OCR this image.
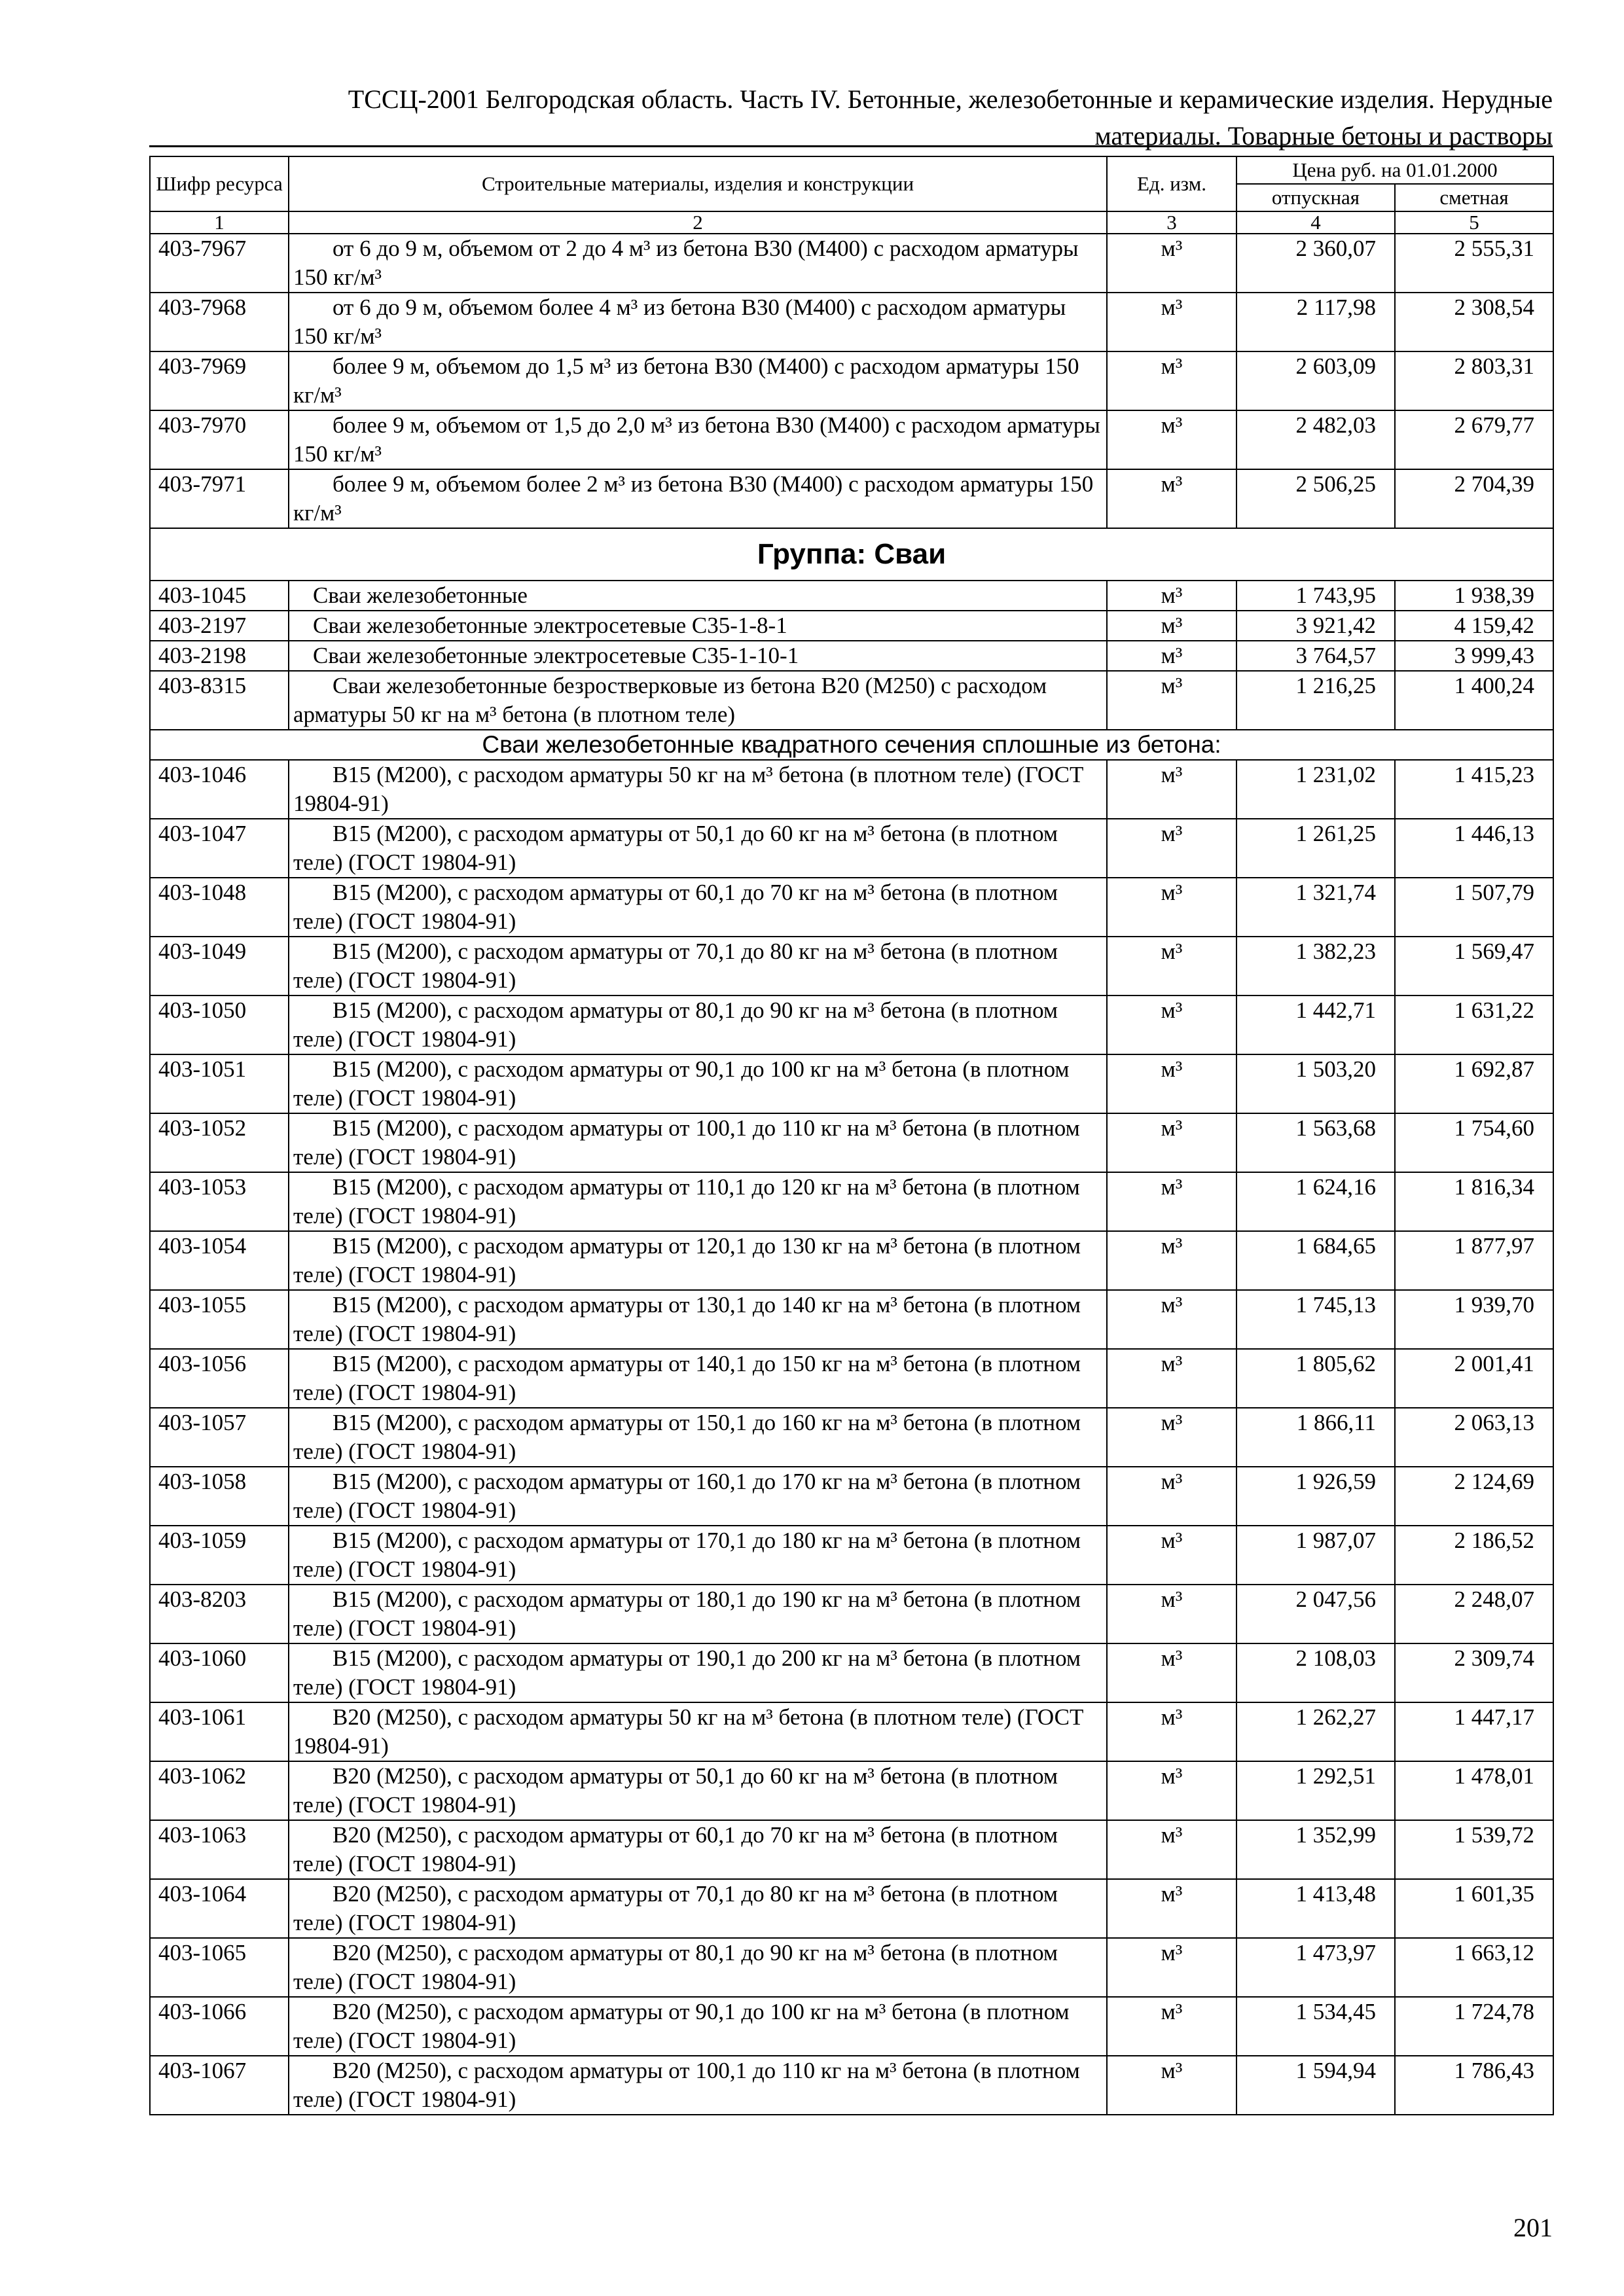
ТССЦ-2001 Белгородская область. Часть IV. Бетонные, железобетонные и керамические изделия. Нерудные
материалы. Товарные бетоны и растворы
Шифр ресурса	Строительные материалы, изделия и конструкции	Ед. изм.	Цена руб. на 01.01.2000	
			отпускная	сметная
1	2	3	4	5
403-7967	от 6 до 9 м, объемом от 2 до 4 м³ из бетона В30 (М400) с расходом арматуры 150 кг/м³	м³	2 360,07	2 555,31
403-7968	от 6 до 9 м, объемом более 4 м³ из бетона В30 (М400) с расходом арматуры 150 кг/м³	м³	2 117,98	2 308,54
403-7969	более 9 м, объемом до 1,5 м³ из бетона В30 (М400) с расходом арматуры 150 кг/м³	м³	2 603,09	2 803,31
403-7970	более 9 м, объемом от 1,5 до 2,0 м³ из бетона В30 (М400) с расходом арматуры 150 кг/м³	м³	2 482,03	2 679,77
403-7971	более 9 м, объемом более 2 м³ из бетона В30 (М400) с расходом арматуры 150 кг/м³	м³	2 506,25	2 704,39
Группа: Сваи				
403-1045	Сваи железобетонные	м³	1 743,95	1 938,39
403-2197	Сваи железобетонные электросетевые С35-1-8-1	м³	3 921,42	4 159,42
403-2198	Сваи железобетонные электросетевые С35-1-10-1	м³	3 764,57	3 999,43
403-8315	Сваи железобетонные безростверковые из бетона В20 (М250) с расходом арматуры 50 кг на м³ бетона (в плотном теле)	м³	1 216,25	1 400,24
Сваи железобетонные квадратного сечения сплошные из бетона:				
403-1046	В15 (М200), с расходом арматуры 50 кг на м³ бетона (в плотном теле) (ГОСТ 19804-91)	м³	1 231,02	1 415,23
403-1047	В15 (М200), с расходом арматуры от 50,1 до 60 кг на м³ бетона (в плотном теле) (ГОСТ 19804-91)	м³	1 261,25	1 446,13
403-1048	В15 (М200), с расходом арматуры от 60,1 до 70 кг на м³ бетона (в плотном теле) (ГОСТ 19804-91)	м³	1 321,74	1 507,79
403-1049	В15 (М200), с расходом арматуры от 70,1 до 80 кг на м³ бетона (в плотном теле) (ГОСТ 19804-91)	м³	1 382,23	1 569,47
403-1050	В15 (М200), с расходом арматуры от 80,1 до 90 кг на м³ бетона (в плотном теле) (ГОСТ 19804-91)	м³	1 442,71	1 631,22
403-1051	В15 (М200), с расходом арматуры от 90,1 до 100 кг на м³ бетона (в плотном теле) (ГОСТ 19804-91)	м³	1 503,20	1 692,87
403-1052	В15 (М200), с расходом арматуры от 100,1 до 110 кг на м³ бетона (в плотном теле) (ГОСТ 19804-91)	м³	1 563,68	1 754,60
403-1053	В15 (М200), с расходом арматуры от 110,1 до 120 кг на м³ бетона (в плотном теле) (ГОСТ 19804-91)	м³	1 624,16	1 816,34
403-1054	В15 (М200), с расходом арматуры от 120,1 до 130 кг на м³ бетона (в плотном теле) (ГОСТ 19804-91)	м³	1 684,65	1 877,97
403-1055	В15 (М200), с расходом арматуры от 130,1 до 140 кг на м³ бетона (в плотном теле) (ГОСТ 19804-91)	м³	1 745,13	1 939,70
403-1056	В15 (М200), с расходом арматуры от 140,1 до 150 кг на м³ бетона (в плотном теле) (ГОСТ 19804-91)	м³	1 805,62	2 001,41
403-1057	В15 (М200), с расходом арматуры от 150,1 до 160 кг на м³ бетона (в плотном теле) (ГОСТ 19804-91)	м³	1 866,11	2 063,13
403-1058	В15 (М200), с расходом арматуры от 160,1 до 170 кг на м³ бетона (в плотном теле) (ГОСТ 19804-91)	м³	1 926,59	2 124,69
403-1059	В15 (М200), с расходом арматуры от 170,1 до 180 кг на м³ бетона (в плотном теле) (ГОСТ 19804-91)	м³	1 987,07	2 186,52
403-8203	В15 (М200), с расходом арматуры от 180,1 до 190 кг на м³ бетона (в плотном теле) (ГОСТ 19804-91)	м³	2 047,56	2 248,07
403-1060	В15 (М200), с расходом арматуры от 190,1 до 200 кг на м³ бетона (в плотном теле) (ГОСТ 19804-91)	м³	2 108,03	2 309,74
403-1061	В20 (М250), с расходом арматуры 50 кг на м³ бетона (в плотном теле) (ГОСТ 19804-91)	м³	1 262,27	1 447,17
403-1062	В20 (М250), с расходом арматуры от 50,1 до 60 кг на м³ бетона (в плотном теле) (ГОСТ 19804-91)	м³	1 292,51	1 478,01
403-1063	В20 (М250), с расходом арматуры от 60,1 до 70 кг на м³ бетона (в плотном теле) (ГОСТ 19804-91)	м³	1 352,99	1 539,72
403-1064	В20 (М250), с расходом арматуры от 70,1 до 80 кг на м³ бетона (в плотном теле) (ГОСТ 19804-91)	м³	1 413,48	1 601,35
403-1065	В20 (М250), с расходом арматуры от 80,1 до 90 кг на м³ бетона (в плотном теле) (ГОСТ 19804-91)	м³	1 473,97	1 663,12
403-1066	В20 (М250), с расходом арматуры от 90,1 до 100 кг на м³ бетона (в плотном теле) (ГОСТ 19804-91)	м³	1 534,45	1 724,78
403-1067	В20 (М250), с расходом арматуры от 100,1 до 110 кг на м³ бетона (в плотном теле) (ГОСТ 19804-91)	м³	1 594,94	1 786,43
201
